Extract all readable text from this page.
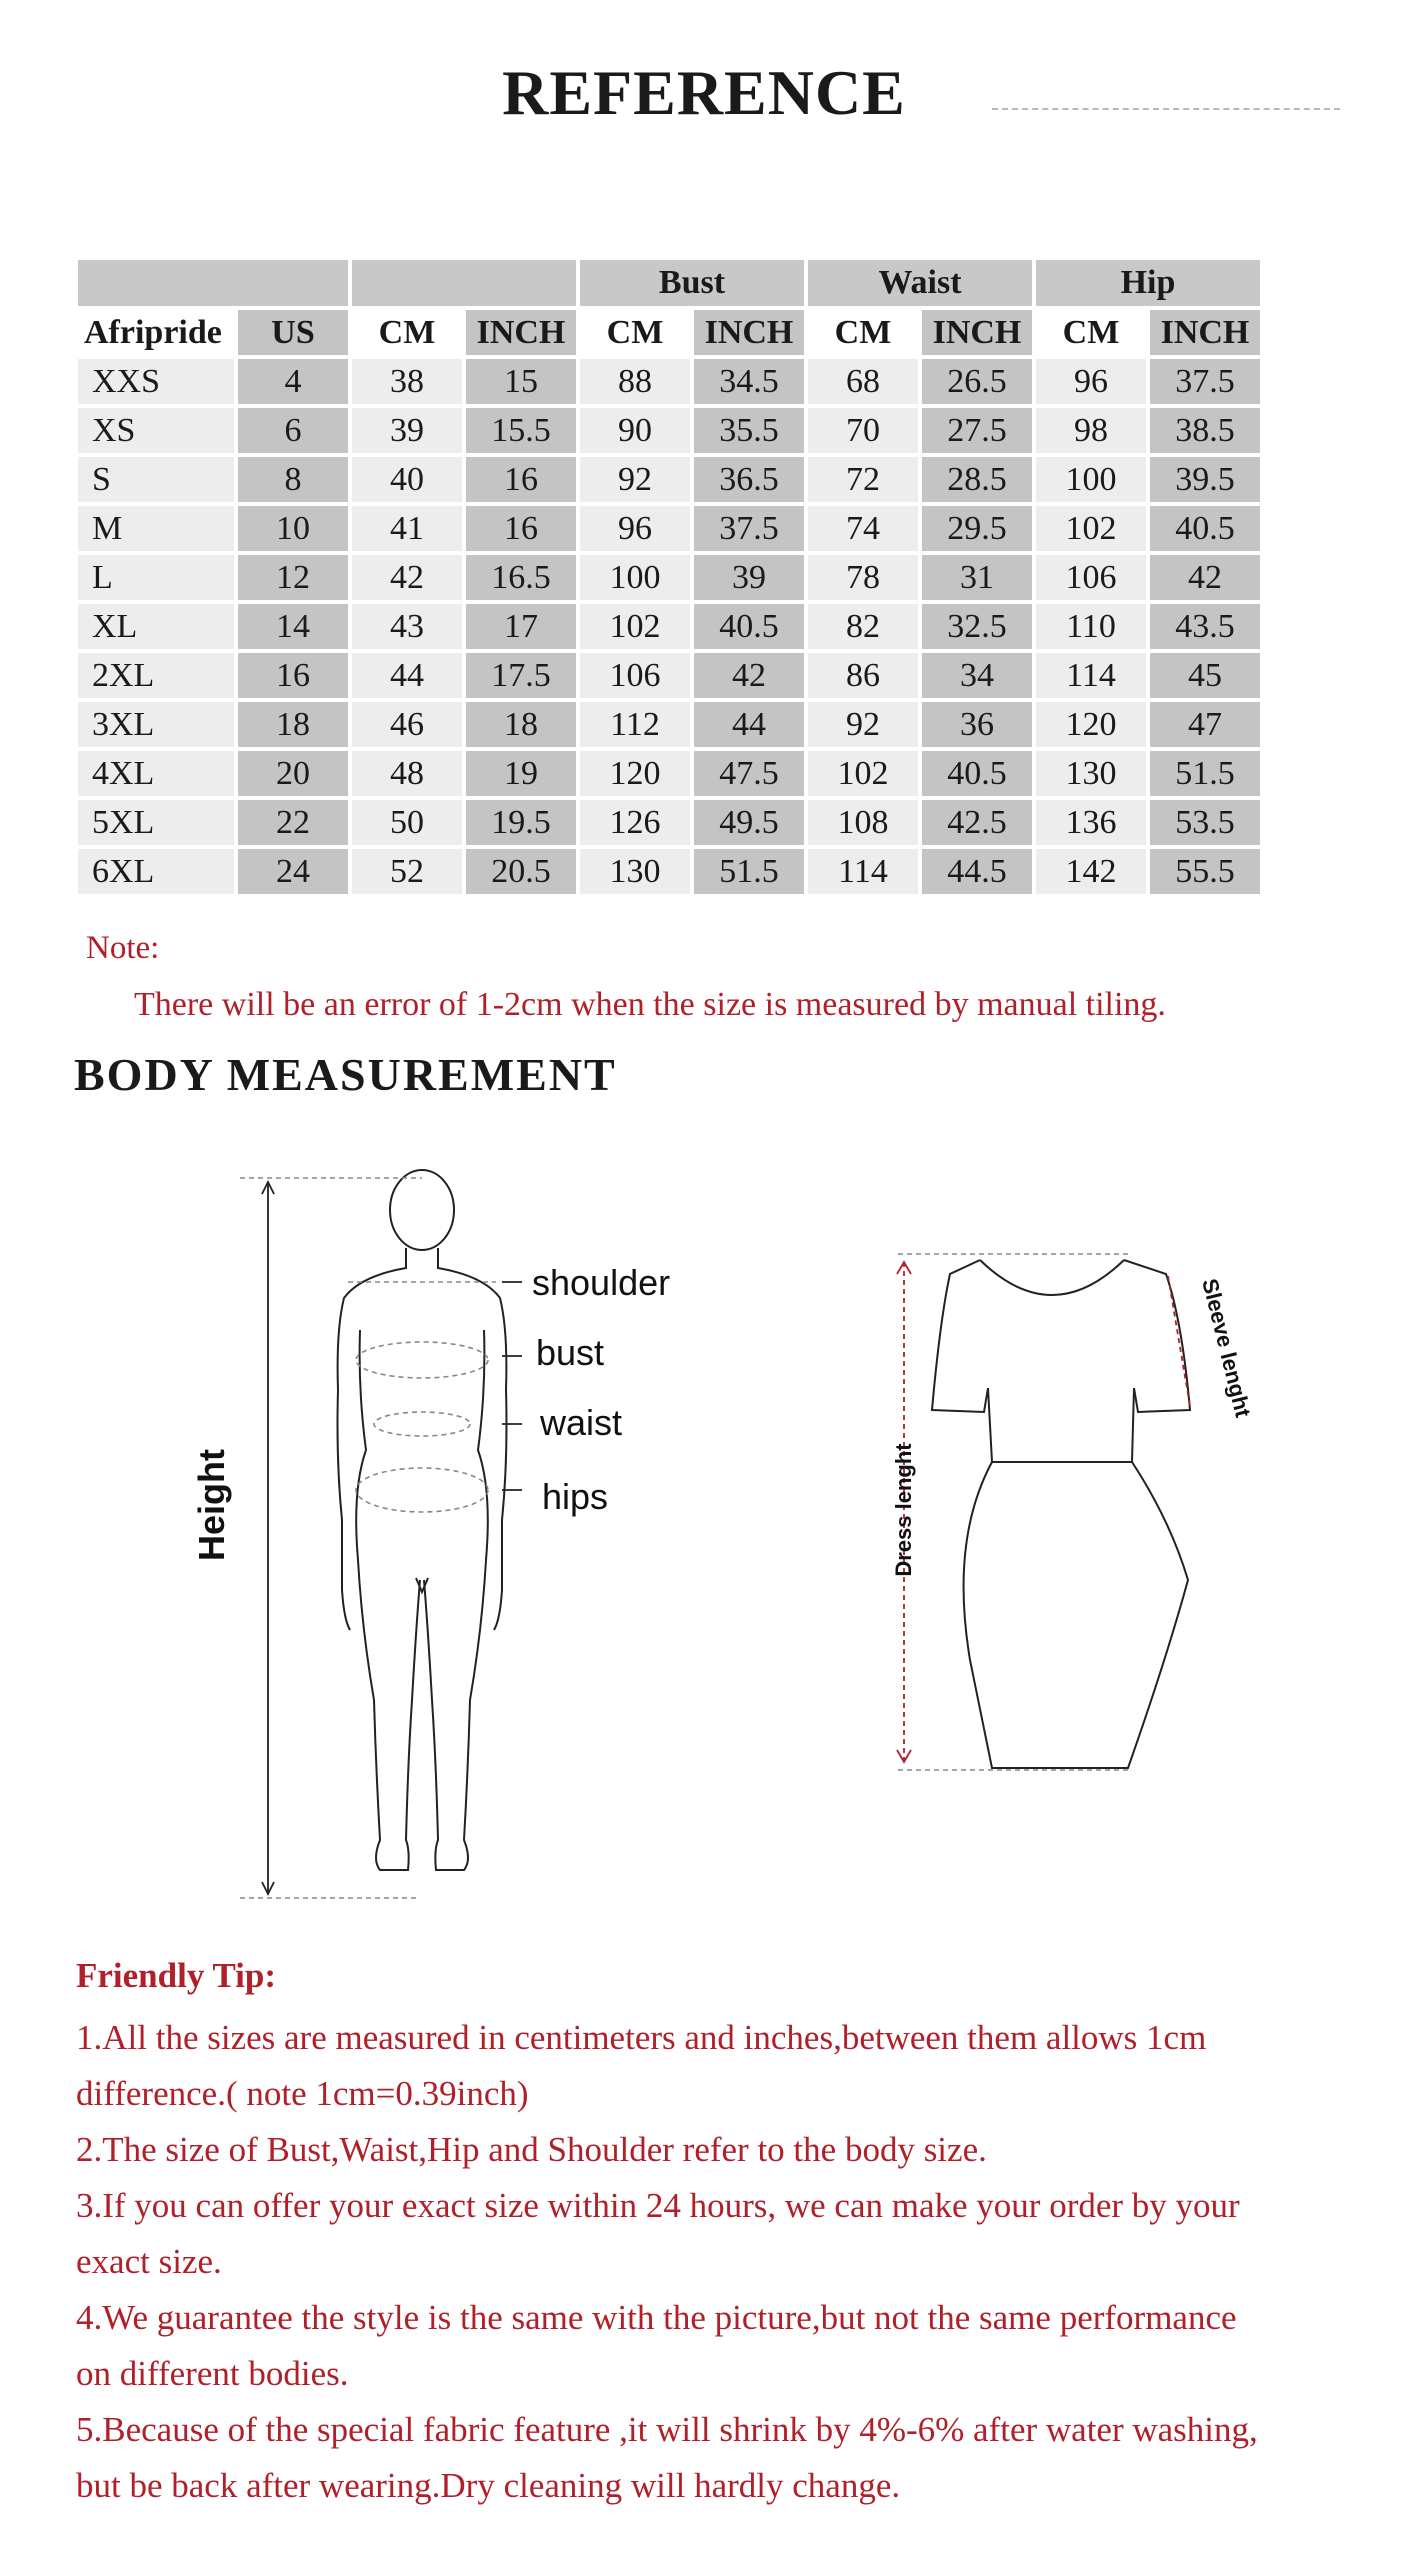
REFERENCE
				Bust		Waist		Hip	
Afripride	US	CM	INCH	CM	INCH	CM	INCH	CM	INCH
XXS	4	38	15	88	34.5	68	26.5	96	37.5
XS	6	39	15.5	90	35.5	70	27.5	98	38.5
S	8	40	16	92	36.5	72	28.5	100	39.5
M	10	41	16	96	37.5	74	29.5	102	40.5
L	12	42	16.5	100	39	78	31	106	42
XL	14	43	17	102	40.5	82	32.5	110	43.5
2XL	16	44	17.5	106	42	86	34	114	45
3XL	18	46	18	112	44	92	36	120	47
4XL	20	48	19	120	47.5	102	40.5	130	51.5
5XL	22	50	19.5	126	49.5	108	42.5	136	53.5
6XL	24	52	20.5	130	51.5	114	44.5	142	55.5
Note:
There will be an error of 1-2cm when the size is measured by manual tiling.
BODY MEASUREMENT
shoulder
bust
waist
hips
Height	Dress lenght
Sleeve lenght
Friendly Tip:

1.All the sizes are measured in centimeters and inches,between them allows 1cm

difference.( note 1cm=0.39inch)

2.The size of Bust,Waist,Hip and Shoulder refer to the body size.

3.If you can offer your exact size within 24 hours, we can make your order by your

exact size.

4.We guarantee the style is the same with the picture,but not the same performance

on different bodies.

5.Because of the special fabric feature ,it will shrink by 4%-6% after water washing,

but be back after wearing.Dry cleaning will hardly change.
